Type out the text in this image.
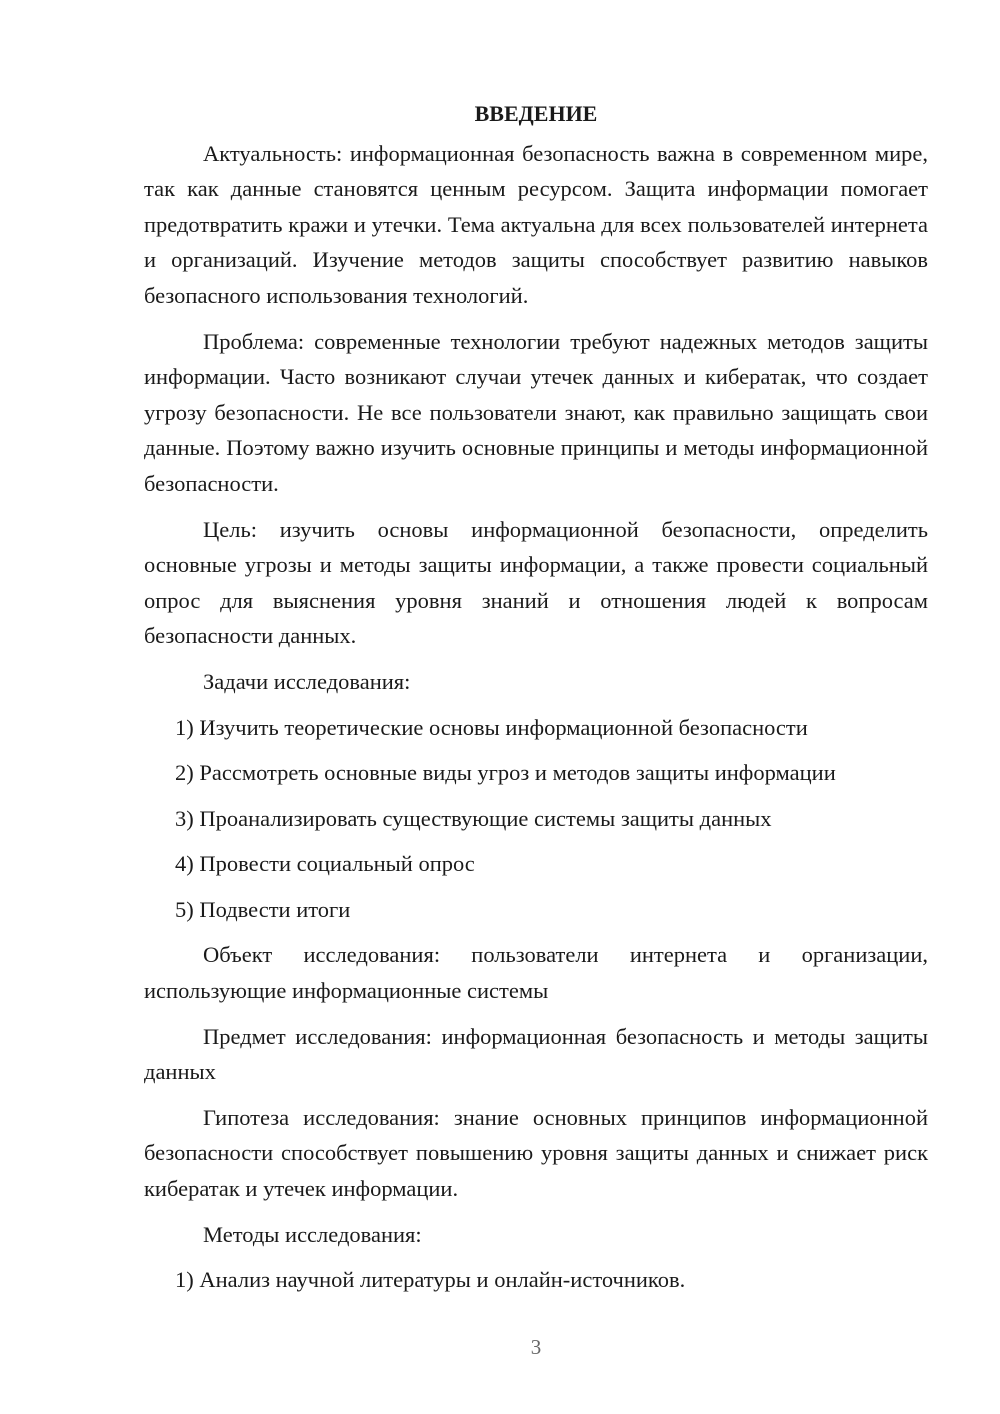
ВВЕДЕНИЕ

Актуальность: информационная безопасность важна в современном мире, так как данные становятся ценным ресурсом. Защита информации помогает предотвратить кражи и утечки. Тема актуальна для всех пользователей интернета и организаций. Изучение методов защиты способствует развитию навыков безопасного использования технологий.

Проблема: современные технологии требуют надежных методов защиты информации. Часто возникают случаи утечек данных и кибератак, что создает угрозу безопасности. Не все пользователи знают, как правильно защищать свои данные. Поэтому важно изучить основные принципы и методы информационной безопасности.

Цель: изучить основы информационной безопасности, определить основные угрозы и методы защиты информации, а также провести социальный опрос для выяснения уровня знаний и отношения людей к вопросам безопасности данных.

Задачи исследования:

1) Изучить теоретические основы информационной безопасности

2) Рассмотреть основные виды угроз и методов защиты информации

3) Проанализировать существующие системы защиты данных

4) Провести социальный опрос

5) Подвести итоги

Объект исследования: пользователи интернета и организации, использующие информационные системы

Предмет исследования: информационная безопасность и методы защиты данных

Гипотеза исследования: знание основных принципов информационной безопасности способствует повышению уровня защиты данных и снижает риск кибератак и утечек информации.

Методы исследования:

1) Анализ научной литературы и онлайн-источников.

3
